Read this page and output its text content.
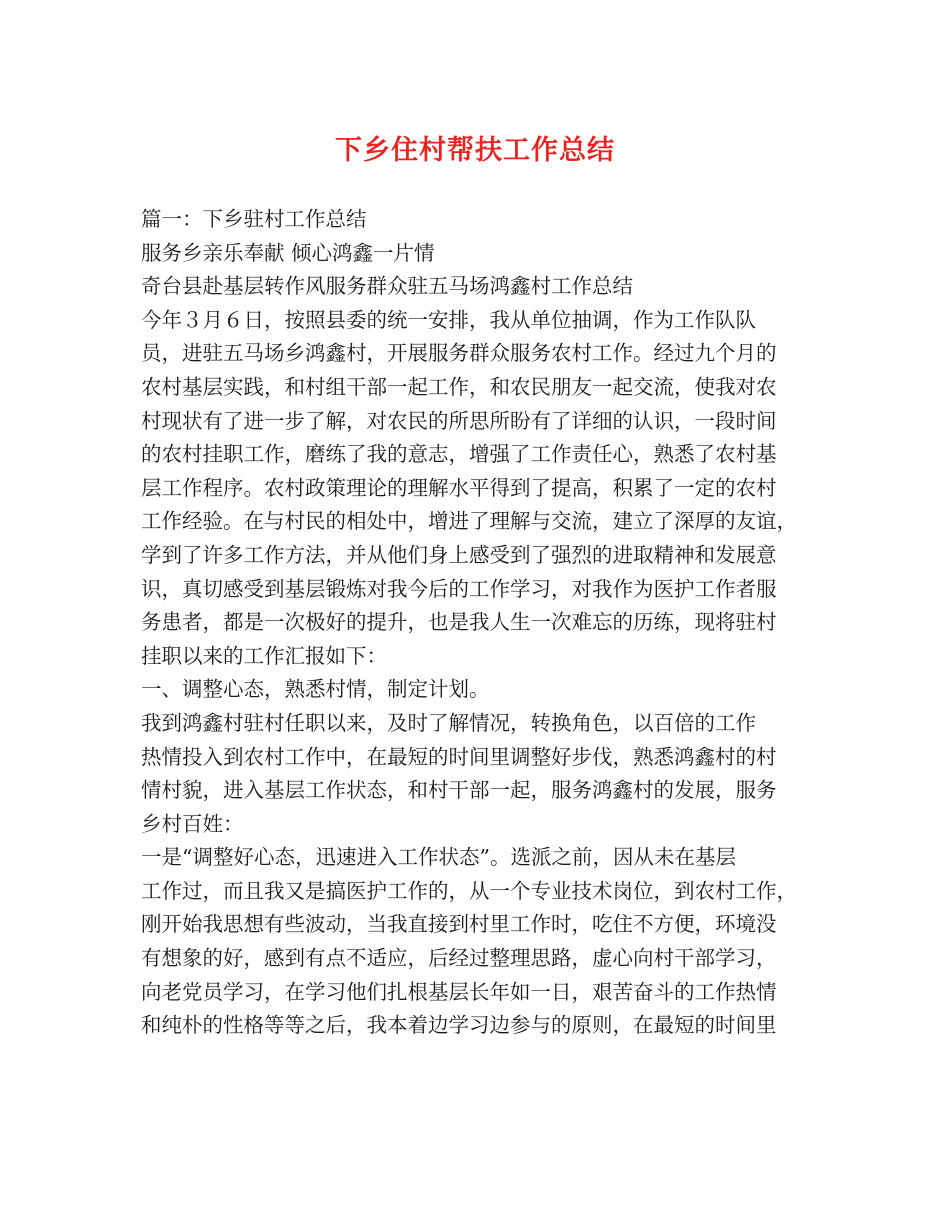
下乡住村帮扶工作总结
篇一：下乡驻村工作总结
服务乡亲乐奉献 倾心鸿鑫一片情
奇台县赴基层转作风服务群众驻五马场鸿鑫村工作总结
今年３月６日，按照县委的统一安排，我从单位抽调，作为工作队队
员，进驻五马场乡鸿鑫村，开展服务群众服务农村工作。经过九个月的
农村基层实践，和村组干部一起工作，和农民朋友一起交流，使我对农
村现状有了进一步了解，对农民的所思所盼有了详细的认识，一段时间
的农村挂职工作，磨练了我的意志，增强了工作责任心，熟悉了农村基
层工作程序。农村政策理论的理解水平得到了提高，积累了一定的农村
工作经验。在与村民的相处中，增进了理解与交流，建立了深厚的友谊，
学到了许多工作方法，并从他们身上感受到了强烈的进取精神和发展意
识，真切感受到基层锻炼对我今后的工作学习，对我作为医护工作者服
务患者，都是一次极好的提升，也是我人生一次难忘的历练，现将驻村
挂职以来的工作汇报如下：
一、调整心态，熟悉村情，制定计划。
我到鸿鑫村驻村任职以来，及时了解情况，转换角色，以百倍的工作
热情投入到农村工作中，在最短的时间里调整好步伐，熟悉鸿鑫村的村
情村貌，进入基层工作状态，和村干部一起，服务鸿鑫村的发展，服务
乡村百姓：
一是“调整好心态，迅速进入工作状态”。选派之前，因从未在基层
工作过，而且我又是搞医护工作的，从一个专业技术岗位，到农村工作，
刚开始我思想有些波动，当我直接到村里工作时，吃住不方便，环境没
有想象的好，感到有点不适应，后经过整理思路，虚心向村干部学习，
向老党员学习，在学习他们扎根基层长年如一日，艰苦奋斗的工作热情
和纯朴的性格等等之后，我本着边学习边参与的原则，在最短的时间里
